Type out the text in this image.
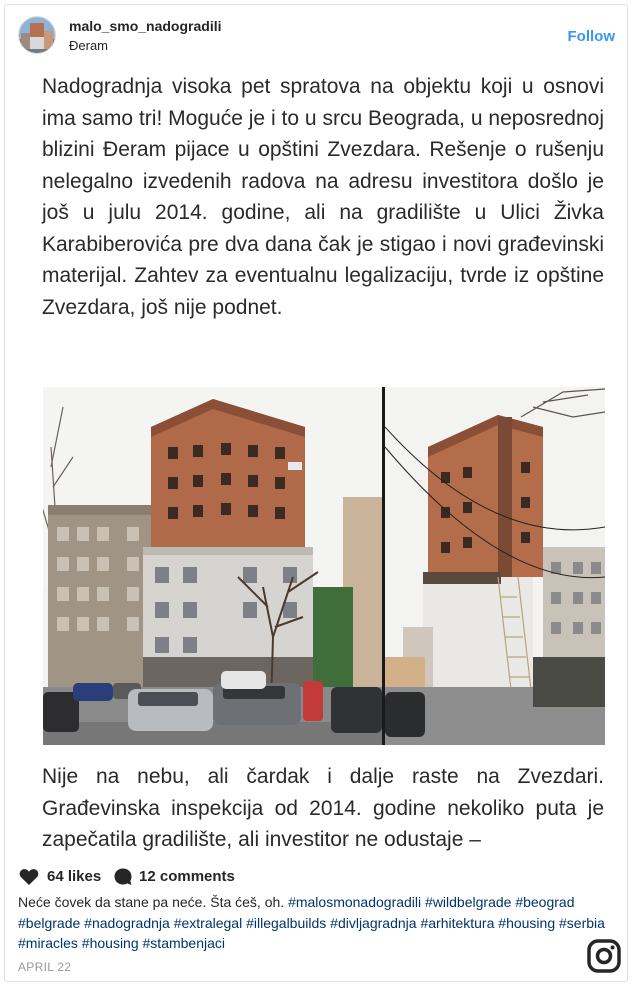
malo_smo_nadogradili
Đeram
Follow
Nadogradnja visoka pet spratova na objektu koji u osnovi ima samo tri! Moguće je i to u srcu Beograda, u neposrednoj blizini Đeram pijace u opštini Zvezdara. Rešenje o rušenju nelegalno izvedenih radova na adresu investitora došlo je još u julu 2014. godine, ali na gradilište u Ulici Živka Karabiberovića pre dva dana čak je stigao i novi građevinski materijal. Zahtev za eventualnu legalizaciju, tvrde iz opštine Zvezdara, još nije podnet.
Nije na nebu, ali čardak i dalje raste na Zvezdari. Građevinska inspekcija od 2014. godine nekoliko puta je zapečatila gradilište, ali investitor ne odustaje –
64 likes	12 comments
Neće čovek da stane pa neće. Šta ćeš, oh. #malosmonadogradili #wildbelgrade #beograd #belgrade #nadogradnja #extralegal #illegalbuilds #divljagradnja #arhitektura #housing #serbia #miracles #housing #stambenjaci
APRIL 22
